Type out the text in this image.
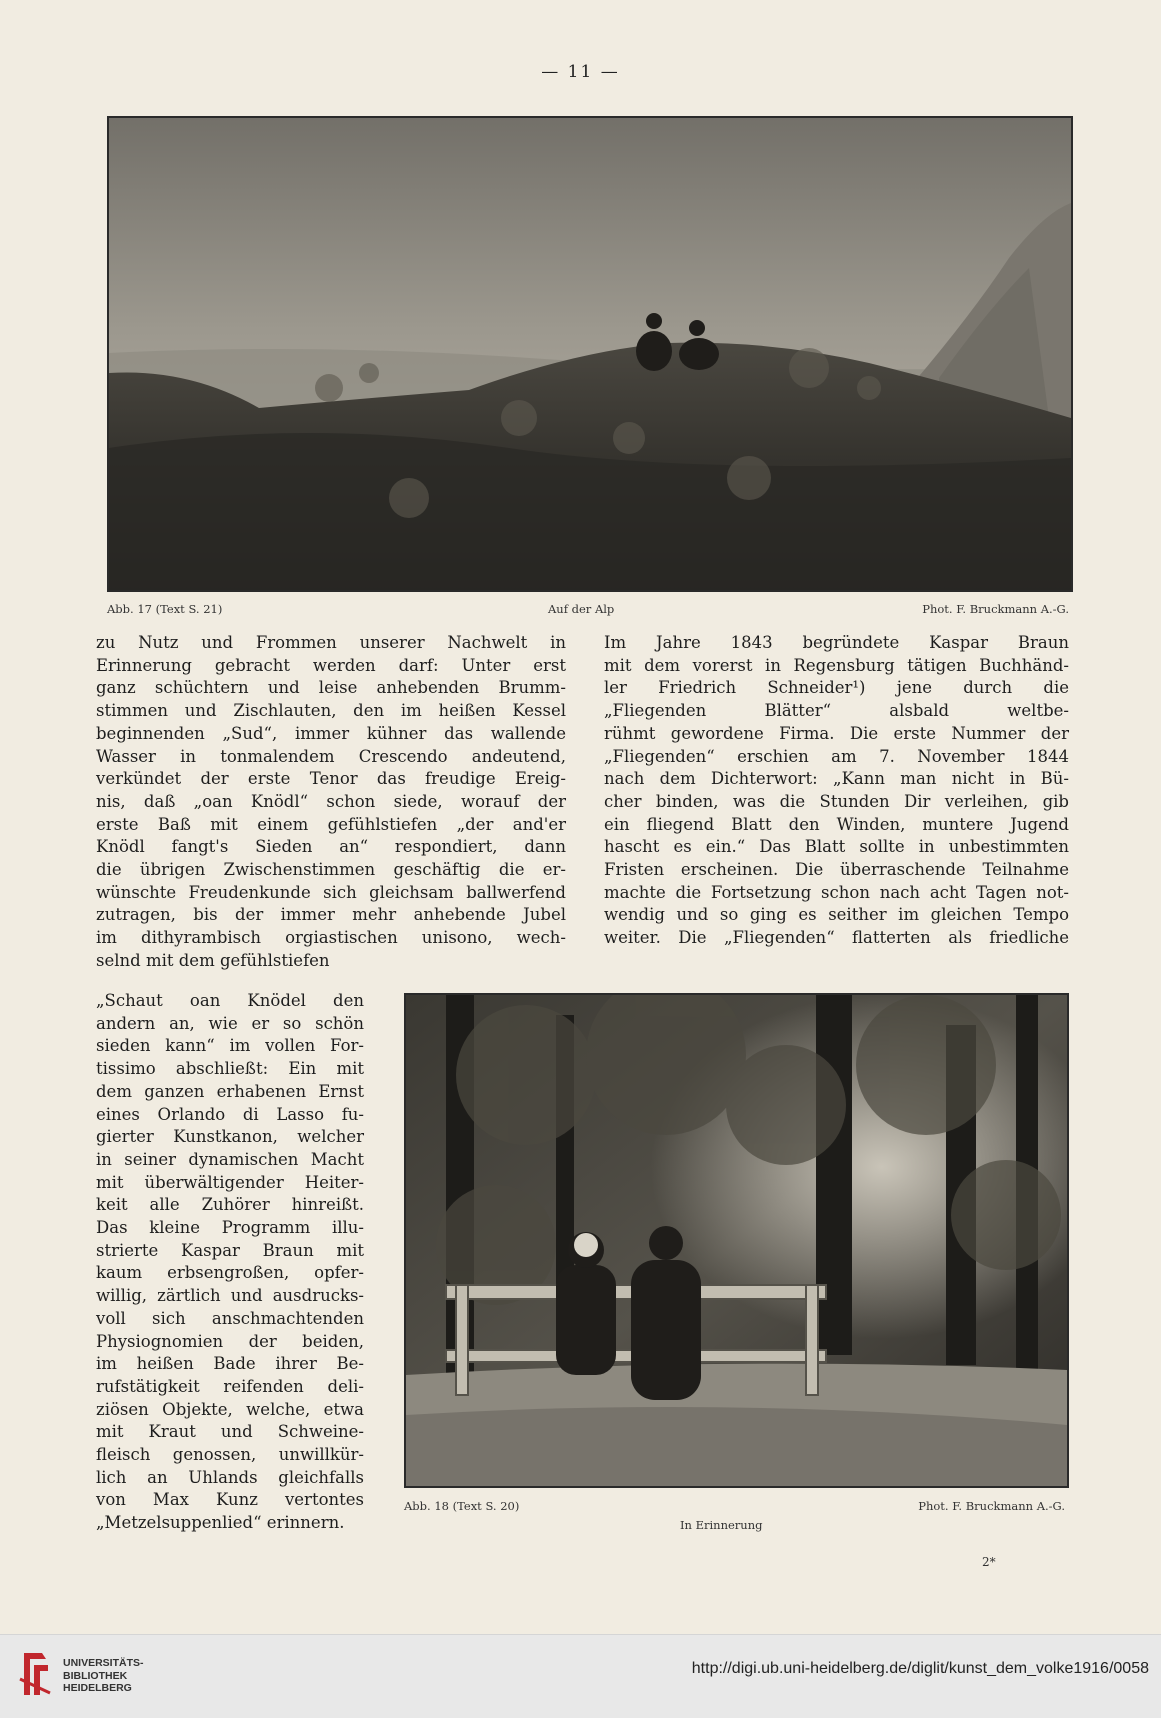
— 11 —
Abb. 17 (Text S. 21)	Auf der Alp	Phot. F. Bruckmann A.-G.
zu Nutz und Frommen unserer Nachwelt in
Erinnerung gebracht werden darf: Unter erst
ganz schüchtern und leise anhebenden Brumm-
stimmen und Zischlauten, den im heißen Kessel
beginnenden „Sud“, immer kühner das wallende
Wasser in tonmalendem Crescendo andeutend,
verkündet der erste Tenor das freudige Ereig-
nis, daß „oan Knödl“ schon siede, worauf der
erste Baß mit einem gefühlstiefen „der and'er
Knödl fangt's Sieden an“ respondiert, dann
die übrigen Zwischenstimmen geschäftig die er-
wünschte Freudenkunde sich gleichsam ballwerfend
zutragen, bis der immer mehr anhebende Jubel
im dithyrambisch orgiastischen unisono, wech-
selnd mit dem gefühlstiefen
„Schaut oan Knödel den
andern an, wie er so schön
sieden kann“ im vollen For-
tissimo abschließt: Ein mit
dem ganzen erhabenen Ernst
eines Orlando di Lasso fu-
gierter Kunstkanon, welcher
in seiner dynamischen Macht
mit überwältigender Heiter-
keit alle Zuhörer hinreißt.
Das kleine Programm illu-
strierte Kaspar Braun mit
kaum erbsengroßen, opfer-
willig, zärtlich und ausdrucks-
voll sich anschmachtenden
Physiognomien der beiden,
im heißen Bade ihrer Be-
rufstätigkeit reifenden deli-
ziösen Objekte, welche, etwa
mit Kraut und Schweine-
fleisch genossen, unwillkür-
lich an Uhlands gleichfalls
von Max Kunz vertontes
„Metzelsuppenlied“ erinnern.
Im Jahre 1843 begründete Kaspar Braun
mit dem vorerst in Regensburg tätigen Buchhänd-
ler Friedrich Schneider¹) jene durch die
„Fliegenden Blätter“ alsbald weltbe-
rühmt gewordene Firma. Die erste Nummer der
„Fliegenden“ erschien am 7. November 1844
nach dem Dichterwort: „Kann man nicht in Bü-
cher binden, was die Stunden Dir verleihen, gib
ein fliegend Blatt den Winden, muntere Jugend
hascht es ein.“ Das Blatt sollte in unbestimmten
Fristen erscheinen. Die überraschende Teilnahme
machte die Fortsetzung schon nach acht Tagen not-
wendig und so ging es seither im gleichen Tempo
weiter. Die „Fliegenden“ flatterten als friedliche
Abb. 18 (Text S. 20)	Phot. F. Bruckmann A.-G.
In Erinnerung
2*
UNIVERSITÄTS-
BIBLIOTHEK
HEIDELBERG
http://digi.ub.uni-heidelberg.de/diglit/kunst_dem_volke1916/0058
